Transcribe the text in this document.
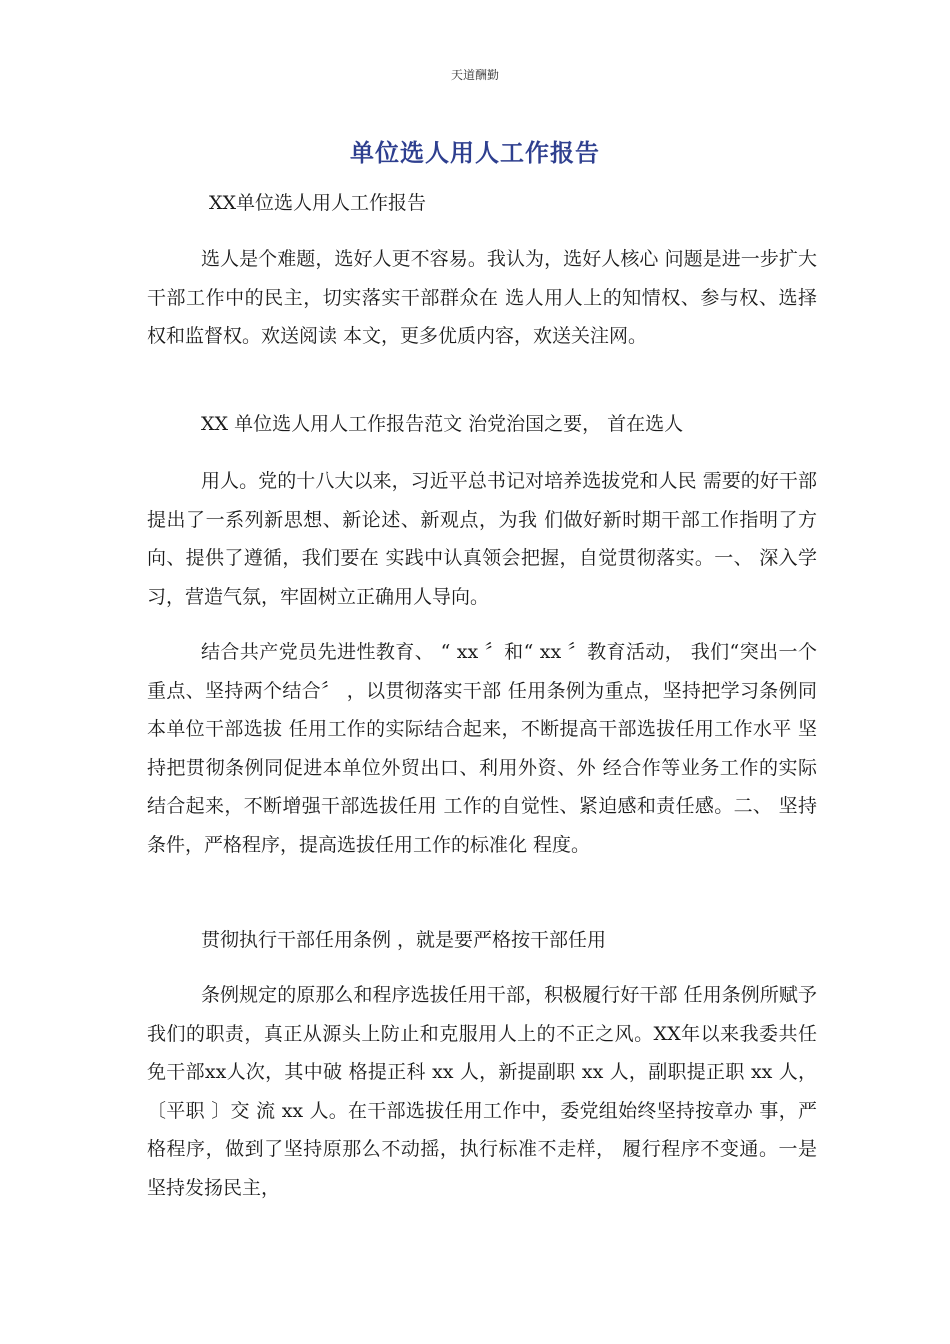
天道酬勤
单位选人用人工作报告
XX单位选人用人工作报告

选人是个难题，选好人更不容易。我认为，选好人核心 问题是进一步扩大干部工作中的民主，切实落实干部群众在 选人用人上的知情权、参与权、选择权和监督权。欢送阅读 本文，更多优质内容，欢送关注网。

XX 单位选人用人工作报告范文 治党治国之要， 首在选人

用人。党的十八大以来，习近平总书记对培养选拔党和人民 需要的好干部提出了一系列新思想、新论述、新观点，为我 们做好新时期干部工作指明了方向、提供了遵循，我们要在 实践中认真领会把握，自觉贯彻落实。一、 深入学习，营造气氛，牢固树立正确用人导向。

结合共产党员先进性教育、 “ xx 〞和“ xx 〞教育活动， 我们“突出一个重点、坚持两个结合〞 ，以贯彻落实干部 任用条例为重点，坚持把学习条例同本单位干部选拔 任用工作的实际结合起来，不断提高干部选拔任用工作水平 坚持把贯彻条例同促进本单位外贸出口、利用外资、外 经合作等业务工作的实际结合起来，不断增强干部选拔任用 工作的自觉性、紧迫感和责任感。二、 坚持条件，严格程序，提高选拔任用工作的标准化 程度。

贯彻执行干部任用条例 ，就是要严格按干部任用

条例规定的原那么和程序选拔任用干部，积极履行好干部 任用条例所赋予我们的职责，真正从源头上防止和克服用人上的不正之风。XX年以来我委共任免干部xx人次，其中破 格提正科 xx 人，新提副职 xx 人，副职提正职 xx 人， 〔平职 〕交 流 xx 人。在干部选拔任用工作中，委党组始终坚持按章办 事，严格程序，做到了坚持原那么不动摇，执行标准不走样， 履行程序不变通。一是坚持发扬民主，
